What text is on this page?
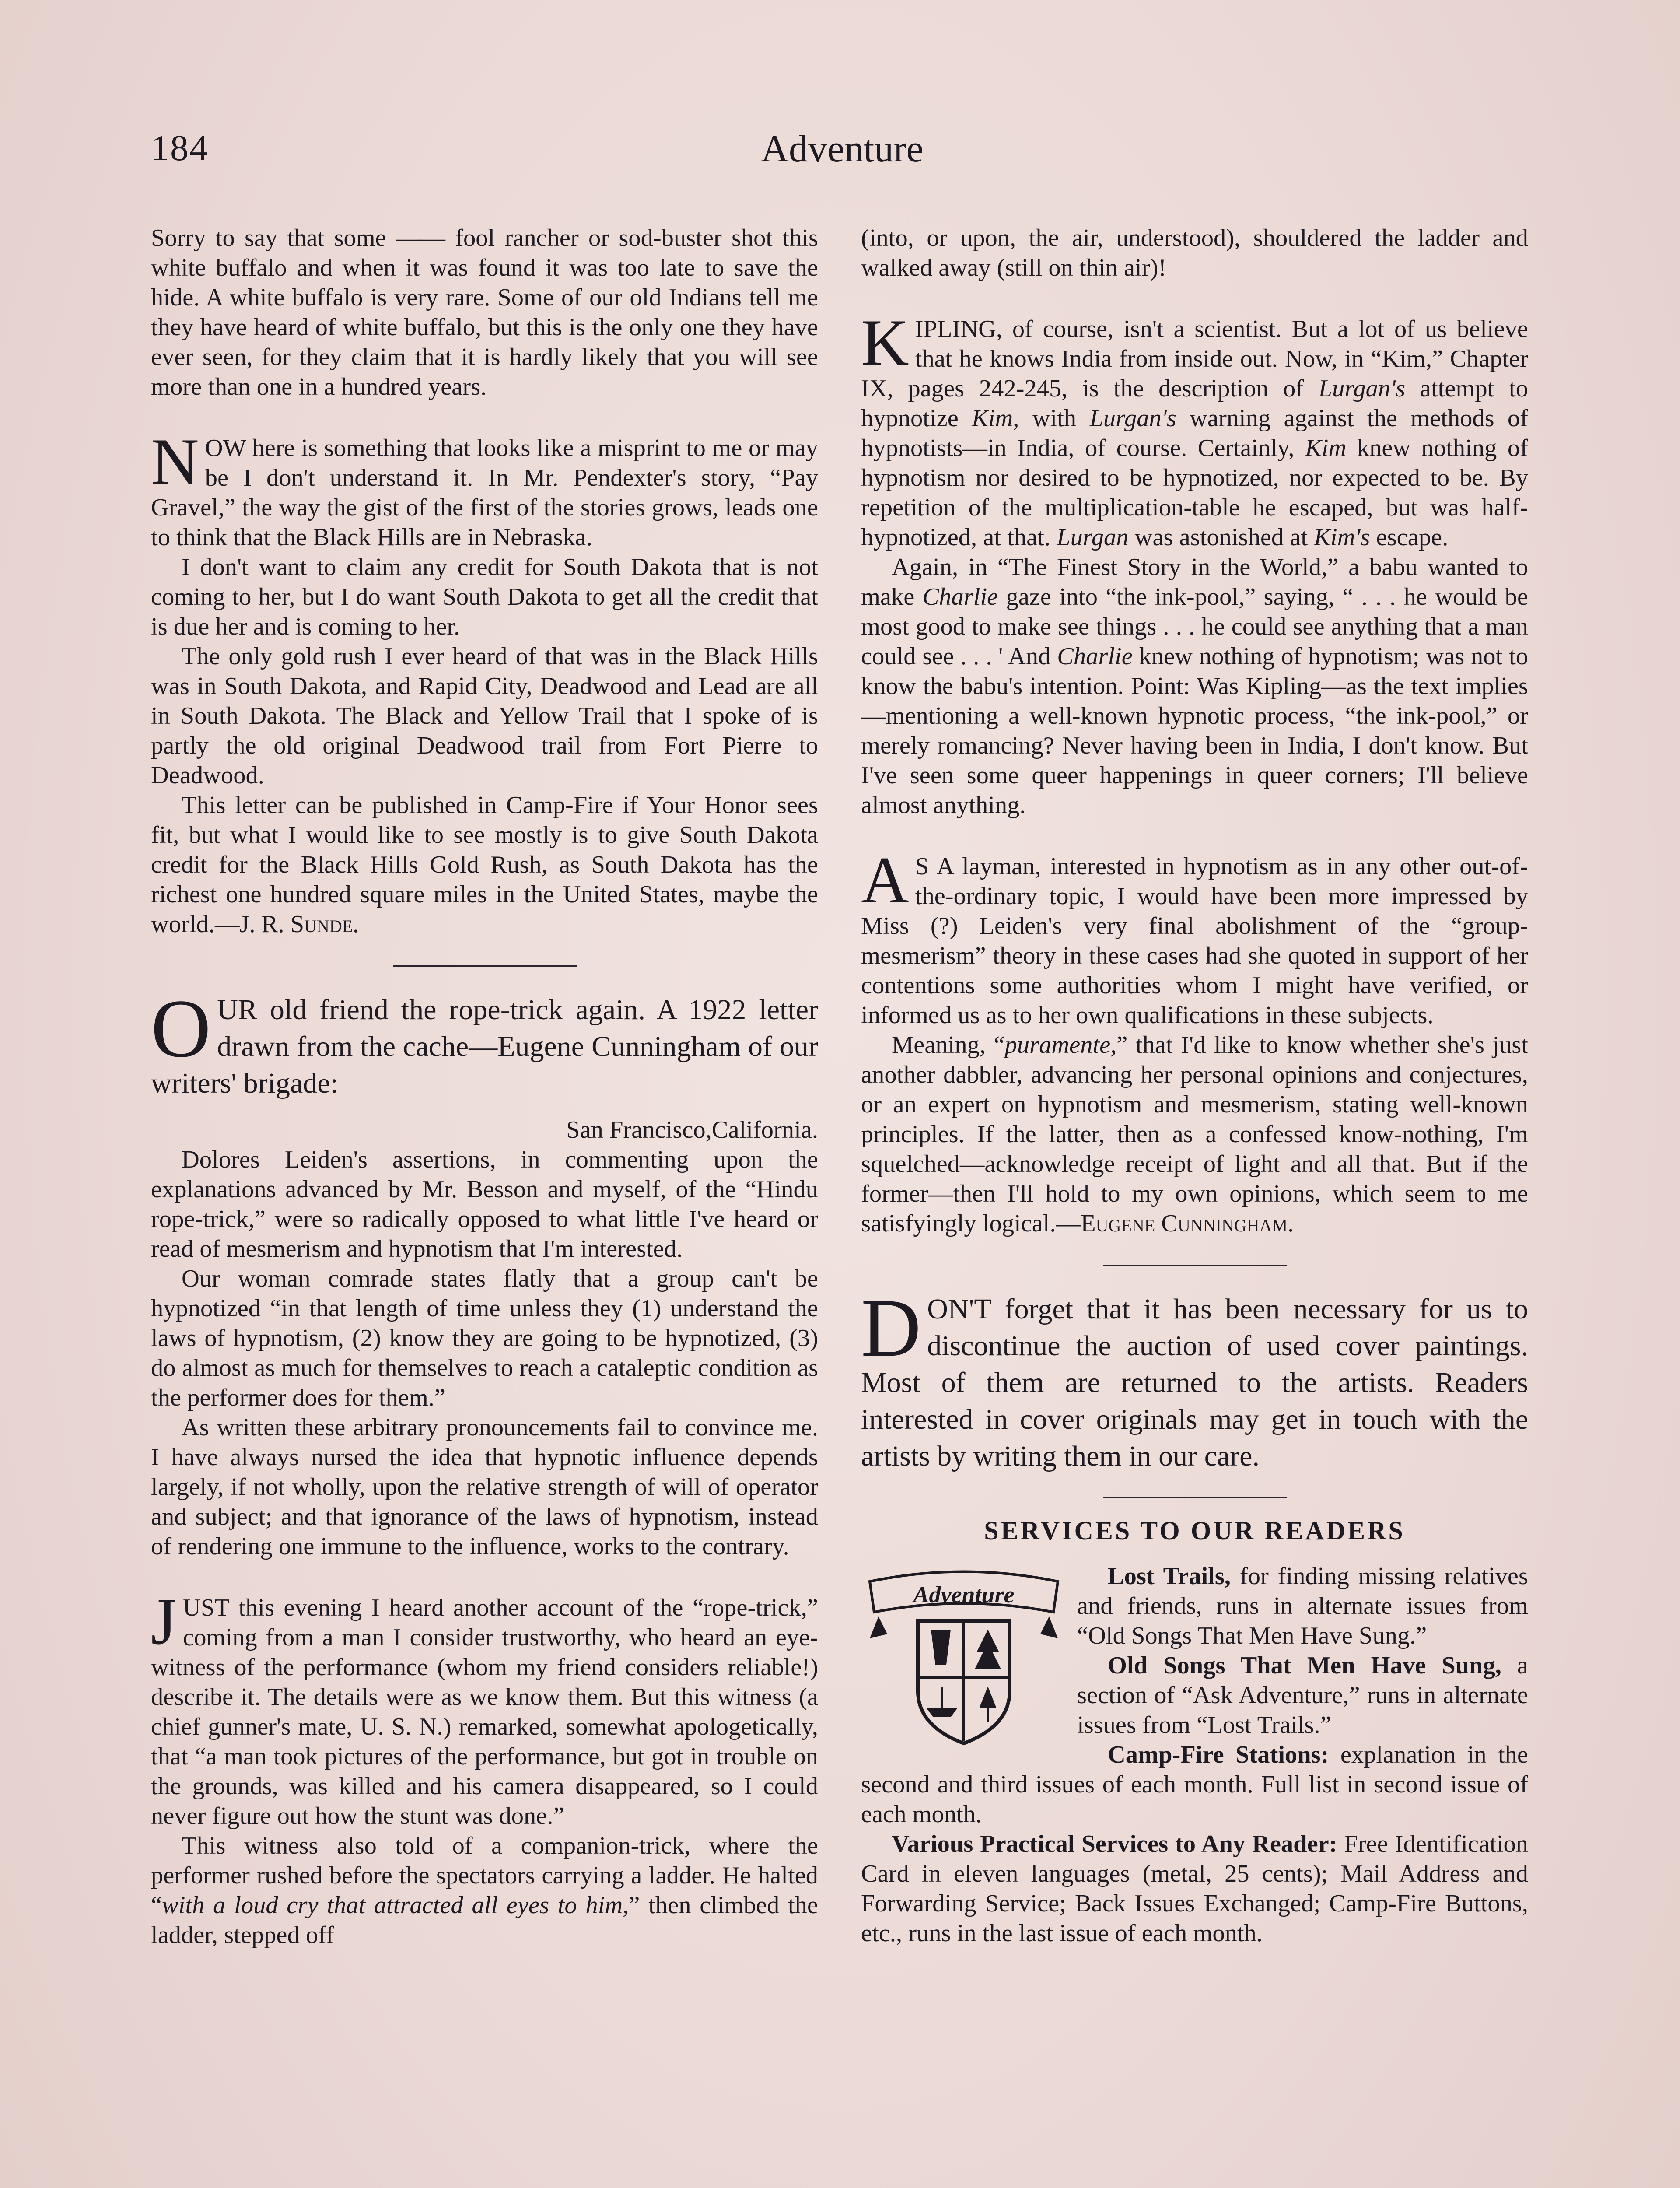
184	Adventure

Sorry to say that some —— fool rancher or sod-buster shot this white buffalo and when it was found it was too late to save the hide. A white buffalo is very rare. Some of our old Indians tell me they have heard of white buffalo, but this is the only one they have ever seen, for they claim that it is hardly likely that you will see more than one in a hundred years.

NOW here is something that looks like a misprint to me or may be I don't understand it. In Mr. Pendexter's story, “Pay Gravel,” the way the gist of the first of the stories grows, leads one to think that the Black Hills are in Nebraska.

I don't want to claim any credit for South Dakota that is not coming to her, but I do want South Dakota to get all the credit that is due her and is coming to her.

The only gold rush I ever heard of that was in the Black Hills was in South Dakota, and Rapid City, Deadwood and Lead are all in South Dakota. The Black and Yellow Trail that I spoke of is partly the old original Deadwood trail from Fort Pierre to Deadwood.

This letter can be published in Camp-Fire if Your Honor sees fit, but what I would like to see mostly is to give South Dakota credit for the Black Hills Gold Rush, as South Dakota has the richest one hundred square miles in the United States, maybe the world.—J. R. Sunde.

OUR old friend the rope-trick again. A 1922 letter drawn from the cache—Eugene Cunningham of our writers' brigade:

San Francisco,California.

Dolores Leiden's assertions, in commenting upon the explanations advanced by Mr. Besson and myself, of the “Hindu rope-trick,” were so radically opposed to what little I've heard or read of mesmerism and hypnotism that I'm interested.

Our woman comrade states flatly that a group can't be hypnotized “in that length of time unless they (1) understand the laws of hypnotism, (2) know they are going to be hypnotized, (3) do almost as much for themselves to reach a cataleptic condition as the performer does for them.”

As written these arbitrary pronouncements fail to convince me. I have always nursed the idea that hypnotic influence depends largely, if not wholly, upon the relative strength of will of operator and subject; and that ignorance of the laws of hypnotism, instead of rendering one immune to the influence, works to the contrary.

JUST this evening I heard another account of the “rope-trick,” coming from a man I consider trustworthy, who heard an eye-witness of the performance (whom my friend considers reliable!) describe it. The details were as we know them. But this witness (a chief gunner's mate, U. S. N.) remarked, somewhat apologetically, that “a man took pictures of the performance, but got in trouble on the grounds, was killed and his camera disappeared, so I could never figure out how the stunt was done.”

This witness also told of a companion-trick, where the performer rushed before the spectators carrying a ladder. He halted “with a loud cry that attracted all eyes to him,” then climbed the ladder, stepped off

(into, or upon, the air, understood), shouldered the ladder and walked away (still on thin air)!

KIPLING, of course, isn't a scientist. But a lot of us believe that he knows India from inside out. Now, in “Kim,” Chapter IX, pages 242-245, is the description of Lurgan's attempt to hypnotize Kim, with Lurgan's warning against the methods of hypnotists—in India, of course. Certainly, Kim knew nothing of hypnotism nor desired to be hypnotized, nor expected to be. By repetition of the multiplication-table he escaped, but was half-hypnotized, at that. Lurgan was astonished at Kim's escape.

Again, in “The Finest Story in the World,” a babu wanted to make Charlie gaze into “the ink-pool,” saying, “ . . . he would be most good to make see things . . . he could see anything that a man could see . . . ' And Charlie knew nothing of hypnotism; was not to know the babu's intention. Point: Was Kipling—as the text implies—mentioning a well-known hypnotic process, “the ink-pool,” or merely romancing? Never having been in India, I don't know. But I've seen some queer happenings in queer corners; I'll believe almost anything.

A S A layman, interested in hypnotism as in any other out-of-the-ordinary topic, I would have been more impressed by Miss (?) Leiden's very final abolishment of the “group-mesmerism” theory in these cases had she quoted in support of her contentions some authorities whom I might have verified, or informed us as to her own qualifications in these subjects.

Meaning, “puramente,” that I'd like to know whether she's just another dabbler, advancing her personal opinions and conjectures, or an expert on hypnotism and mesmerism, stating well-known principles. If the latter, then as a confessed know-nothing, I'm squelched—acknowledge receipt of light and all that. But if the former—then I'll hold to my own opinions, which seem to me satisfyingly logical.—Eugene Cunningham.

DON'T forget that it has been necessary for us to discontinue the auction of used cover paintings. Most of them are returned to the artists. Readers interested in cover originals may get in touch with the artists by writing them in our care.

SERVICES TO OUR READERS

Adventure

Lost Trails, for finding missing relatives and friends, runs in alternate issues from “Old Songs That Men Have Sung.”

Old Songs That Men Have Sung, a section of “Ask Adventure,” runs in alternate issues from “Lost Trails.”

Camp-Fire Stations: explanation in the second and third issues of each month. Full list in second issue of each month.

Various Practical Services to Any Reader: Free Identification Card in eleven languages (metal, 25 cents); Mail Address and Forwarding Service; Back Issues Exchanged; Camp-Fire Buttons, etc., runs in the last issue of each month.
